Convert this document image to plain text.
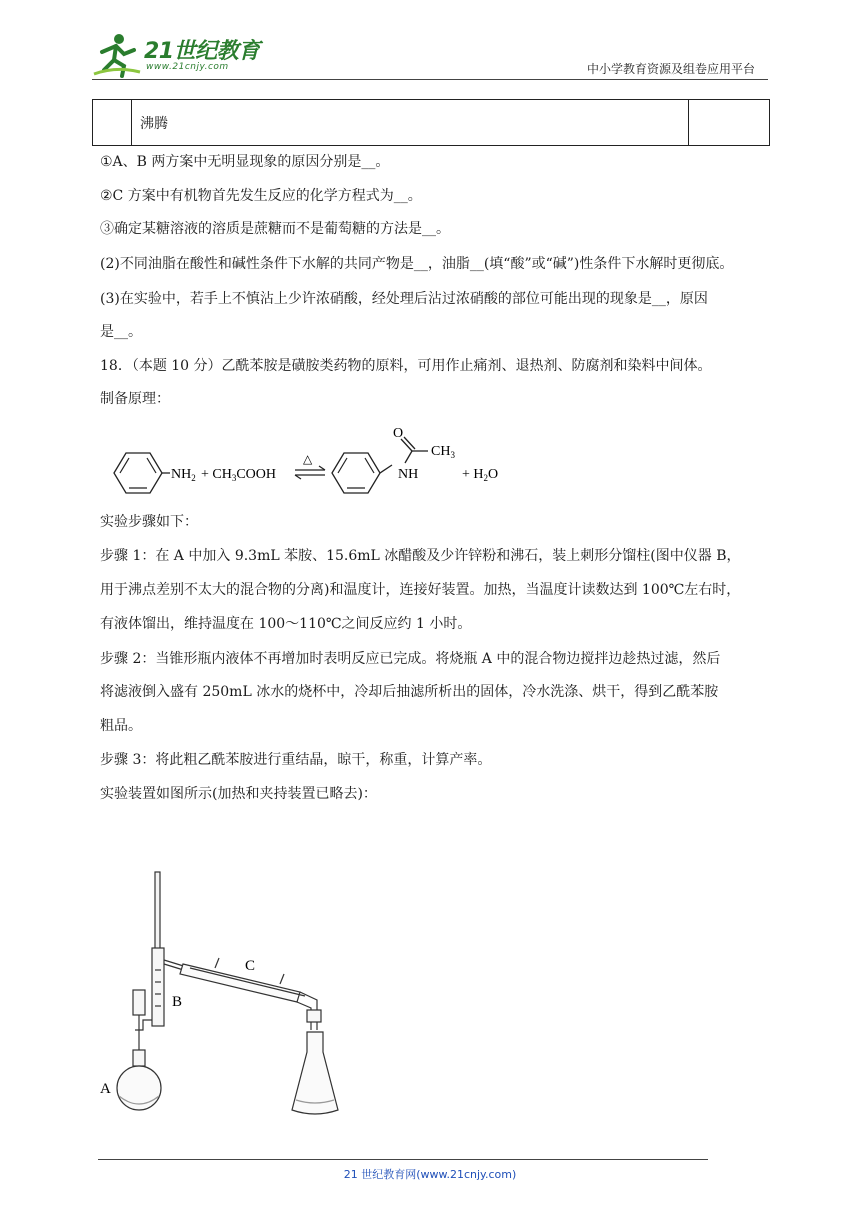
21世纪教育
www.21cnjy.com	中小学教育资源及组卷应用平台
	沸腾	
①A、B 两方案中无明显现象的原因分别是__。
②C 方案中有机物首先发生反应的化学方程式为__。
③确定某糖溶液的溶质是蔗糖而不是葡萄糖的方法是__。
(2)不同油脂在酸性和碱性条件下水解的共同产物是__，油脂__(填“酸”或“碱”)性条件下水解时更彻底。
(3)在实验中，若手上不慎沾上少许浓硝酸，经处理后沾过浓硝酸的部位可能出现的现象是__，原因
是__。
18．（本题 10 分）乙酰苯胺是磺胺类药物的原料，可用作止痛剂、退热剂、防腐剂和染料中间体。
制备原理：
$NH_2$ + $CH_3COOH$
△
NH
O
$CH_3$
+ $H_2O$
实验步骤如下：
步骤 1：在 A 中加入 9.3mL 苯胺、15.6mL 冰醋酸及少许锌粉和沸石，装上刺形分馏柱(图中仪器 B，
用于沸点差别不太大的混合物的分离)和温度计，连接好装置。加热，当温度计读数达到 100℃左右时，
有液体馏出，维持温度在 100～110℃之间反应约 1 小时。
步骤 2：当锥形瓶内液体不再增加时表明反应已完成。将烧瓶 A 中的混合物边搅拌边趁热过滤，然后
将滤液倒入盛有 250mL 冰水的烧杯中，冷却后抽滤所析出的固体，冷水洗涤、烘干，得到乙酰苯胺
粗品。
步骤 3：将此粗乙酰苯胺进行重结晶，晾干，称重，计算产率。
实验装置如图所示(加热和夹持装置已略去)：
A
B
C
21 世纪教育网(www.21cnjy.com)
